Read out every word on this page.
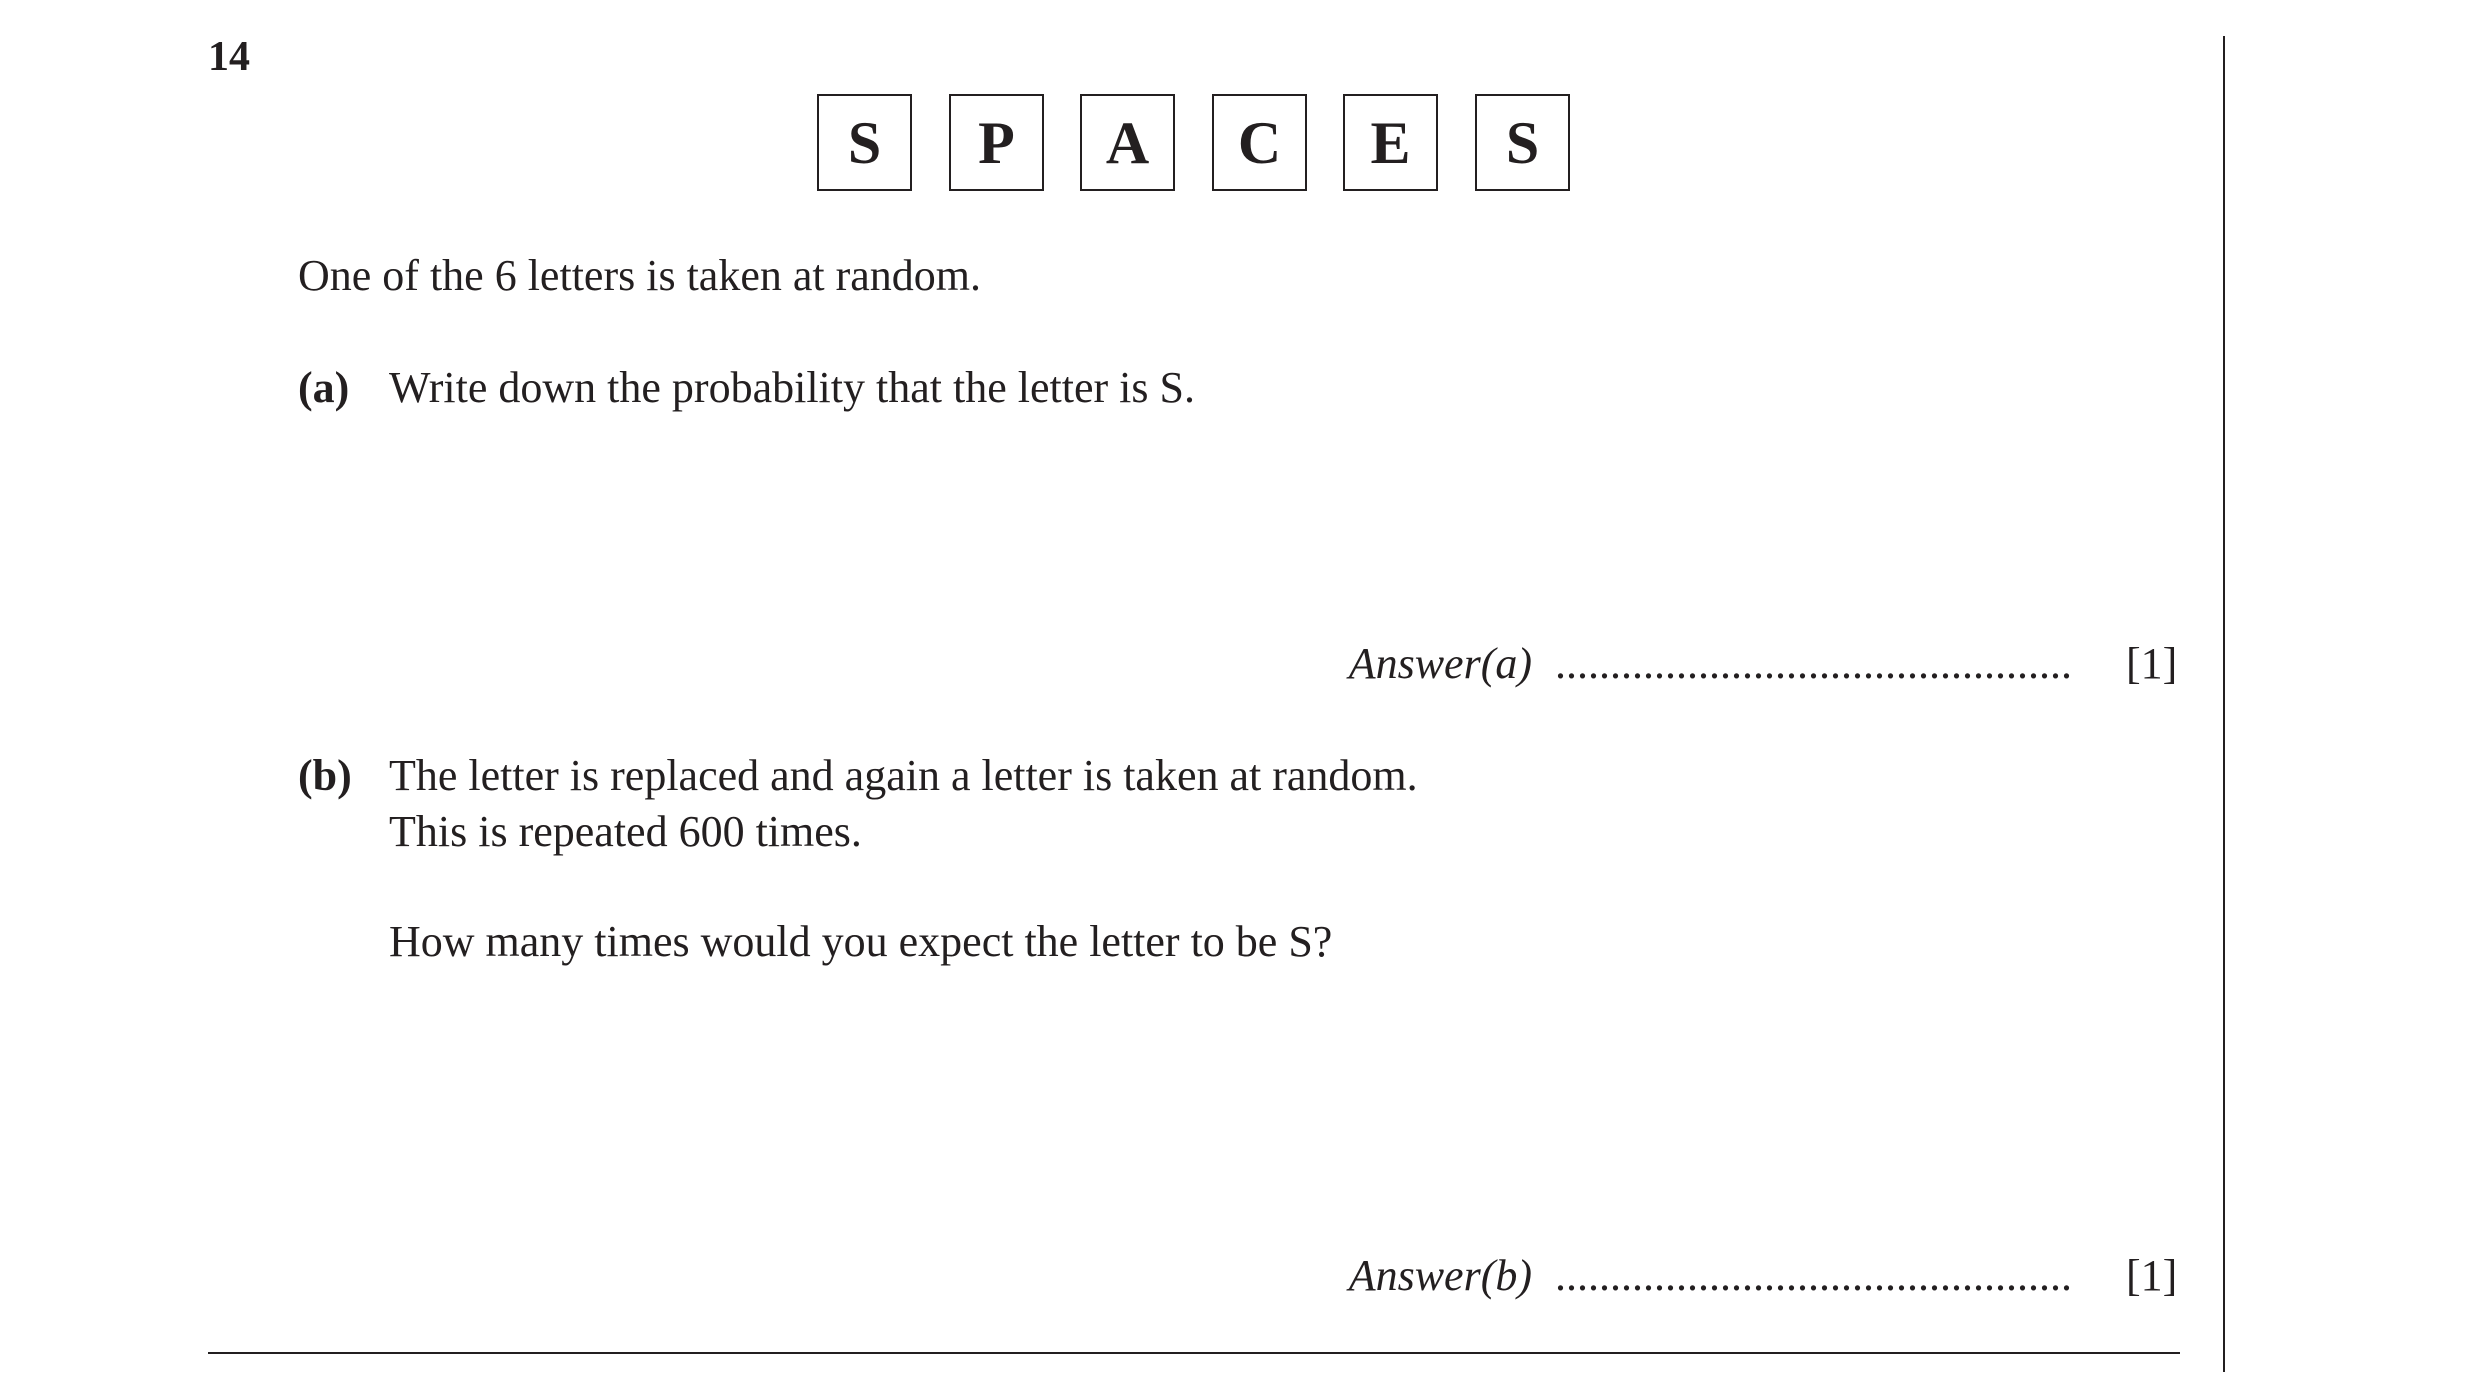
14
S	P	A	C	E	S
One of the 6 letters is taken at random.
(a) Write down the probability that the letter is S.
Answer(a) ............................................... [1]
(b) The letter is replaced and again a letter is taken at random.
This is repeated 600 times.
How many times would you expect the letter to be S?
Answer(b) ............................................... [1]
